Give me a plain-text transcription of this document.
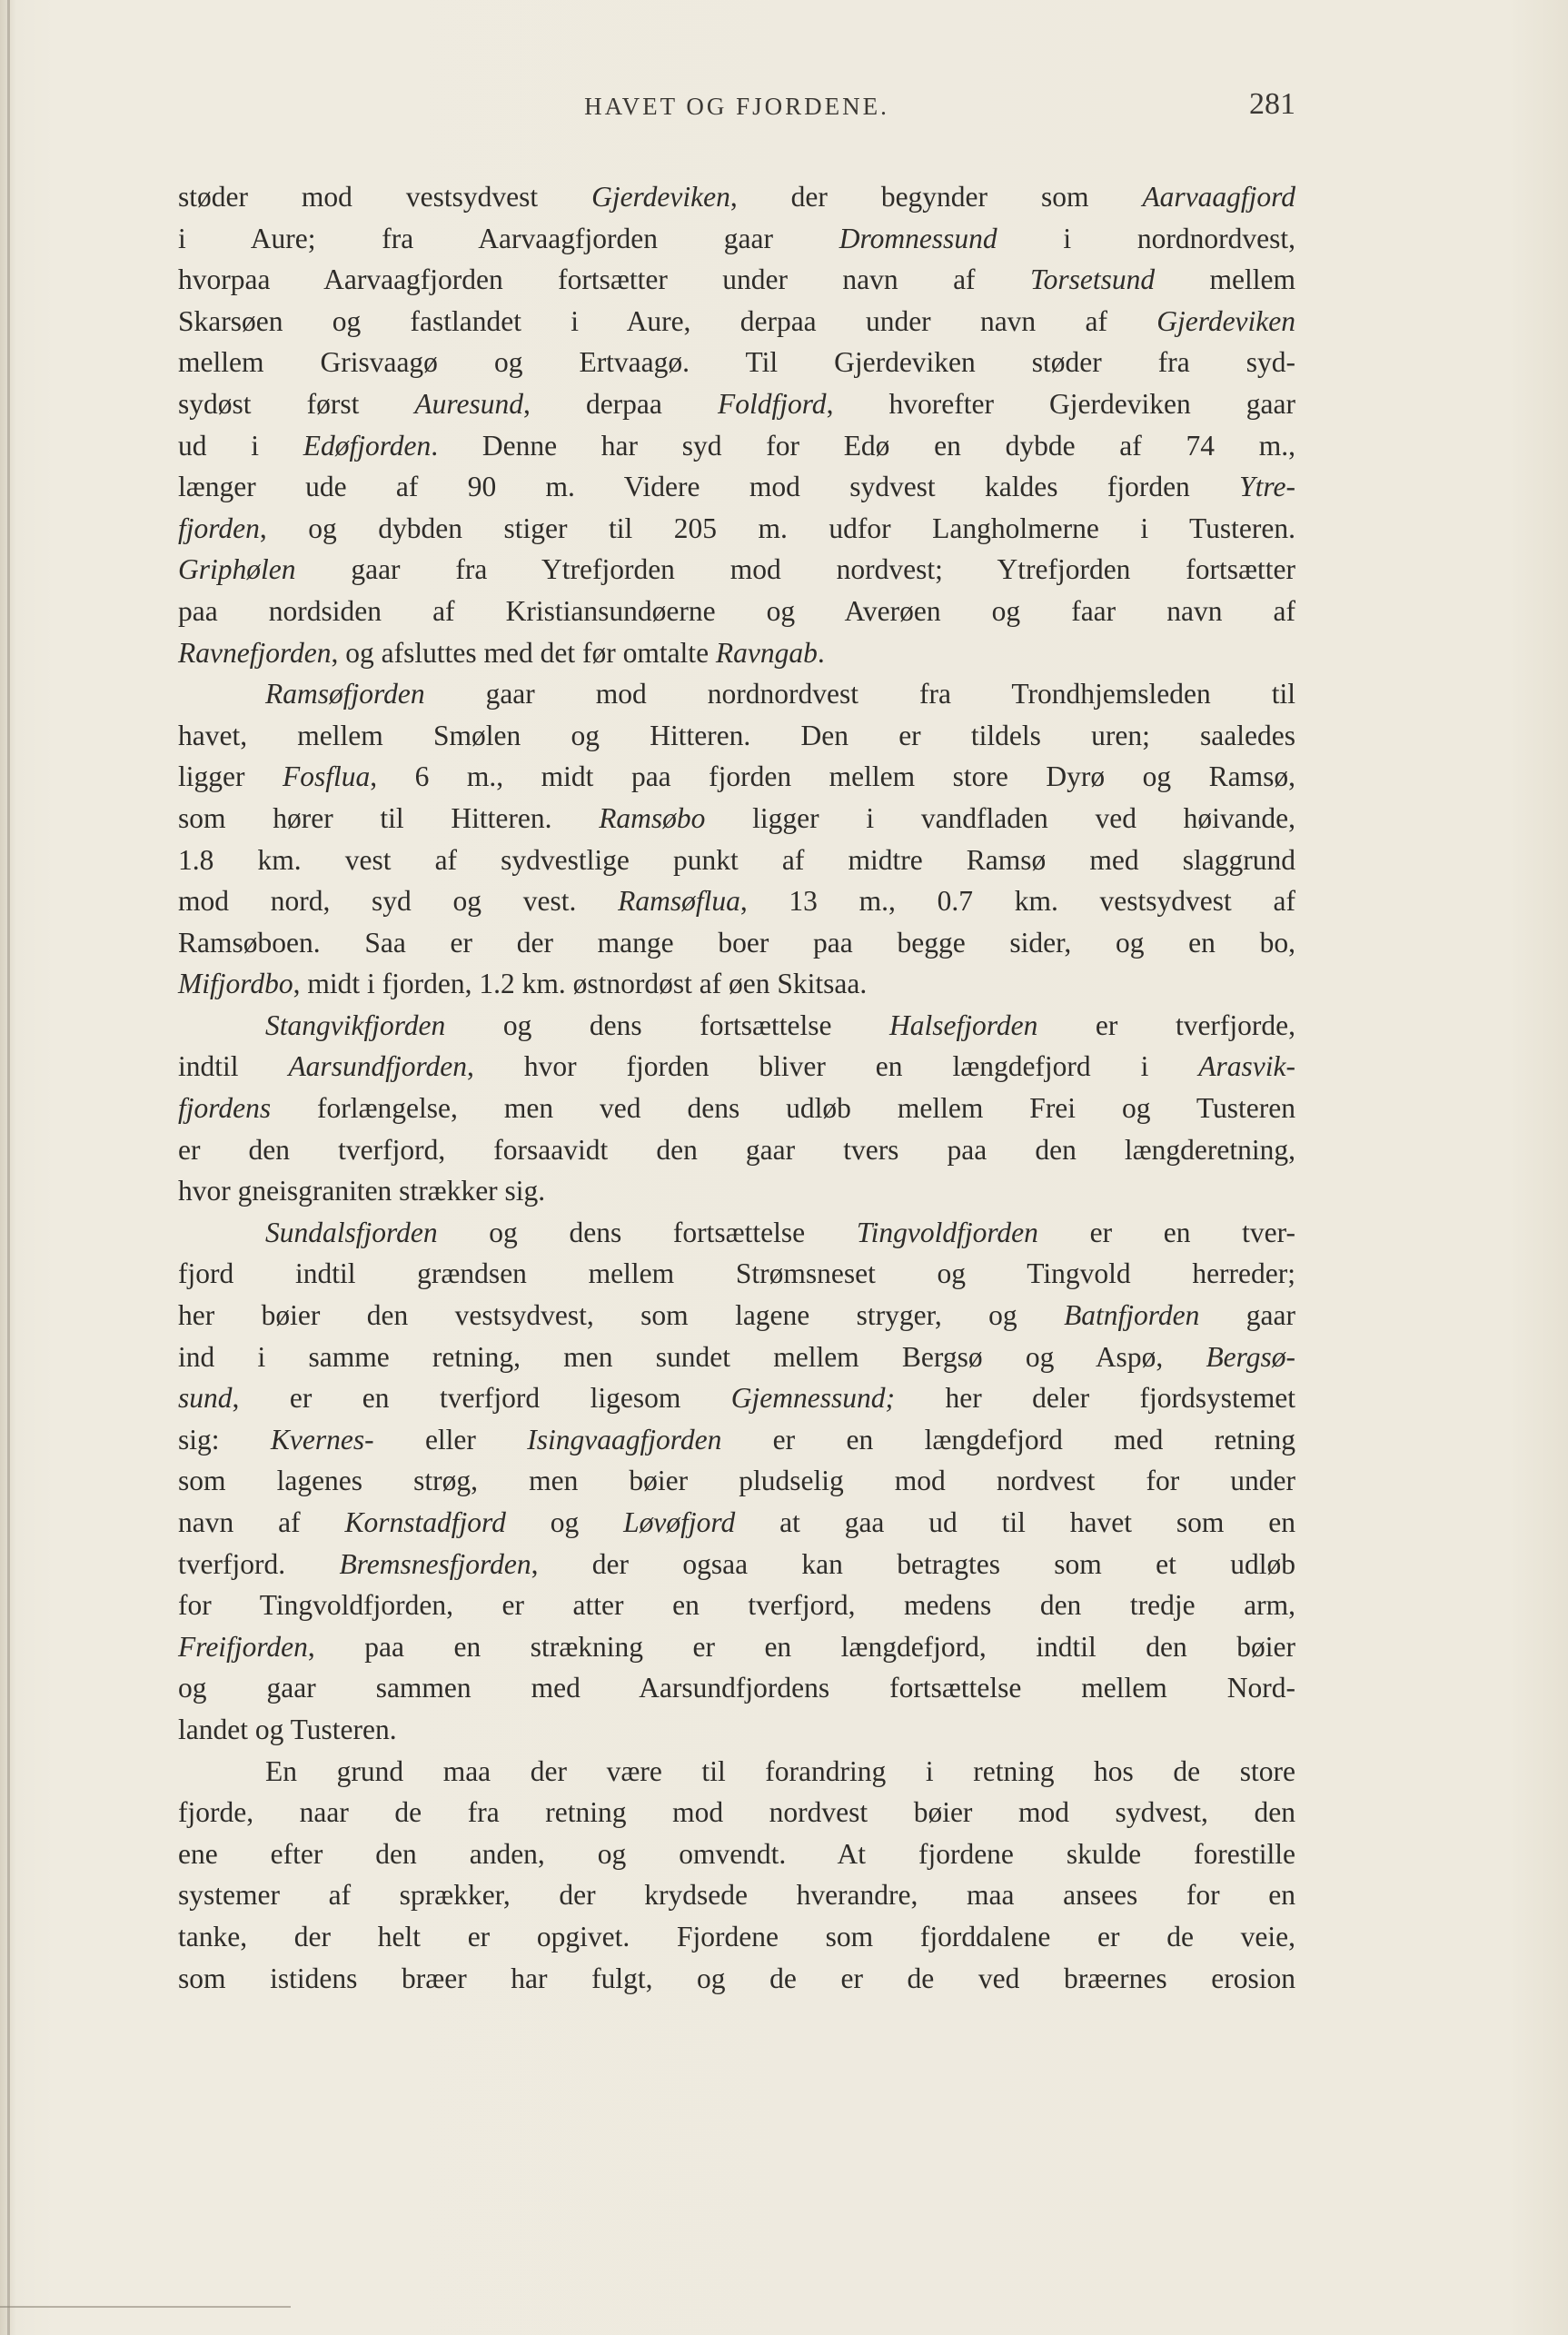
HAVET OG FJORDENE.	281
støder mod vestsydvest Gjerdeviken, der begynder som Aarvaagfjord
i Aure; fra Aarvaagfjorden gaar Dromnessund i nordnordvest,
hvorpaa Aarvaagfjorden fortsætter under navn af Torsetsund mellem
Skarsøen og fastlandet i Aure, derpaa under navn af Gjerdeviken
mellem Grisvaagø og Ertvaagø. Til Gjerdeviken støder fra syd-
sydøst først Auresund, derpaa Foldfjord, hvorefter Gjerdeviken gaar
ud i Edøfjorden. Denne har syd for Edø en dybde af 74 m.,
længer ude af 90 m. Videre mod sydvest kaldes fjorden Ytre-
fjorden, og dybden stiger til 205 m. udfor Langholmerne i Tusteren.
Griphølen gaar fra Ytrefjorden mod nordvest; Ytrefjorden fortsætter
paa nordsiden af Kristiansundøerne og Averøen og faar navn af
Ravnefjorden, og afsluttes med det før omtalte Ravngab.
Ramsøfjorden gaar mod nordnordvest fra Trondhjemsleden til
havet, mellem Smølen og Hitteren. Den er tildels uren; saaledes
ligger Fosflua, 6 m., midt paa fjorden mellem store Dyrø og Ramsø,
som hører til Hitteren. Ramsøbo ligger i vandfladen ved høivande,
1.8 km. vest af sydvestlige punkt af midtre Ramsø med slaggrund
mod nord, syd og vest. Ramsøflua, 13 m., 0.7 km. vestsydvest af
Ramsøboen. Saa er der mange boer paa begge sider, og en bo,
Mifjordbo, midt i fjorden, 1.2 km. østnordøst af øen Skitsaa.
Stangvikfjorden og dens fortsættelse Halsefjorden er tverfjorde,
indtil Aarsundfjorden, hvor fjorden bliver en længdefjord i Arasvik-
fjordens forlængelse, men ved dens udløb mellem Frei og Tusteren
er den tverfjord, forsaavidt den gaar tvers paa den længderetning,
hvor gneisgraniten strækker sig.
Sundalsfjorden og dens fortsættelse Tingvoldfjorden er en tver-
fjord indtil grændsen mellem Strømsneset og Tingvold herreder;
her bøier den vestsydvest, som lagene stryger, og Batnfjorden gaar
ind i samme retning, men sundet mellem Bergsø og Aspø, Bergsø-
sund, er en tverfjord ligesom Gjemnessund; her deler fjordsystemet
sig: Kvernes- eller Isingvaagfjorden er en længdefjord med retning
som lagenes strøg, men bøier pludselig mod nordvest for under
navn af Kornstadfjord og Løvøfjord at gaa ud til havet som en
tverfjord. Bremsnesfjorden, der ogsaa kan betragtes som et udløb
for Tingvoldfjorden, er atter en tverfjord, medens den tredje arm,
Freifjorden, paa en strækning er en længdefjord, indtil den bøier
og gaar sammen med Aarsundfjordens fortsættelse mellem Nord-
landet og Tusteren.
En grund maa der være til forandring i retning hos de store
fjorde, naar de fra retning mod nordvest bøier mod sydvest, den
ene efter den anden, og omvendt. At fjordene skulde forestille
systemer af sprækker, der krydsede hverandre, maa ansees for en
tanke, der helt er opgivet. Fjordene som fjorddalene er de veie,
som istidens bræer har fulgt, og de er de ved bræernes erosion
